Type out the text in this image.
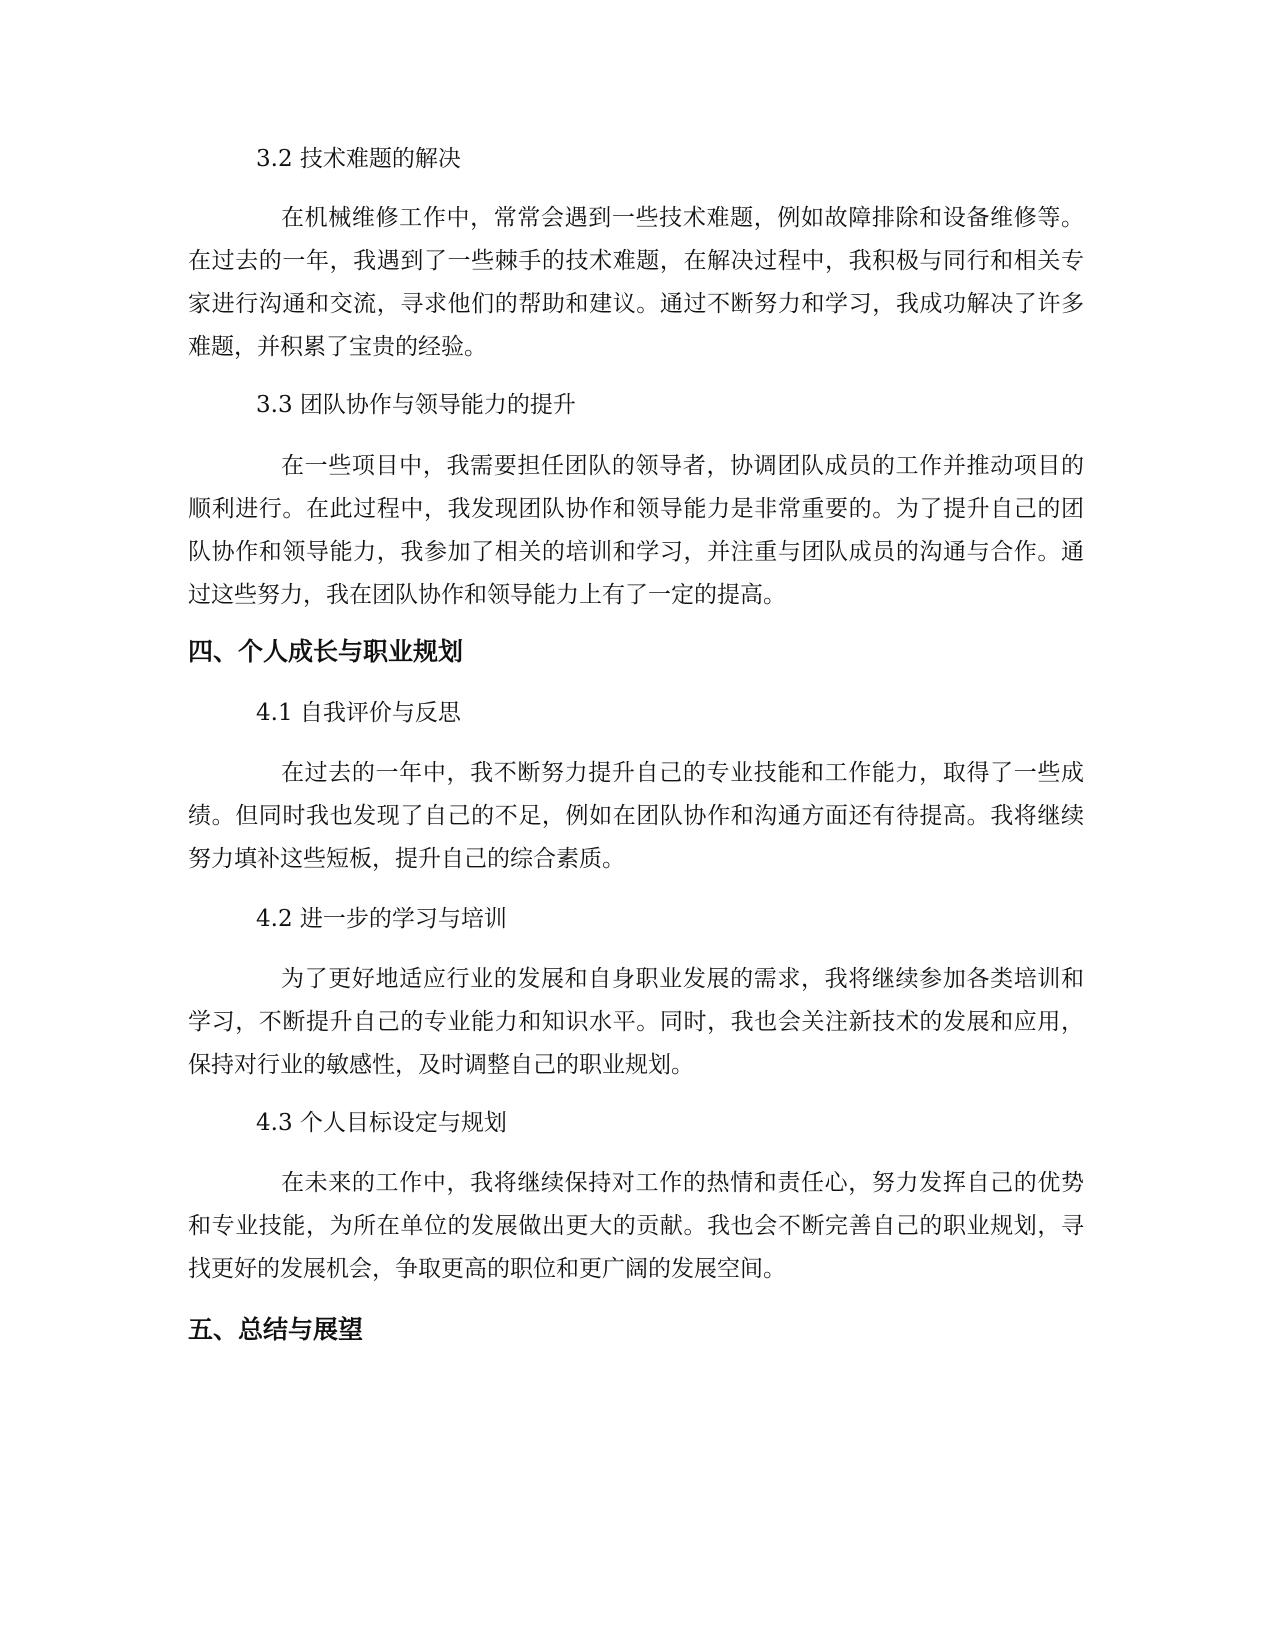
3.2 技术难题的解决

在机械维修工作中，常常会遇到一些技术难题，例如故障排除和设备维修等。在过去的一年，我遇到了一些棘手的技术难题，在解决过程中，我积极与同行和相关专家进行沟通和交流，寻求他们的帮助和建议。通过不断努力和学习，我成功解决了许多难题，并积累了宝贵的经验。

3.3 团队协作与领导能力的提升

在一些项目中，我需要担任团队的领导者，协调团队成员的工作并推动项目的顺利进行。在此过程中，我发现团队协作和领导能力是非常重要的。为了提升自己的团队协作和领导能力，我参加了相关的培训和学习，并注重与团队成员的沟通与合作。通过这些努力，我在团队协作和领导能力上有了一定的提高。

四、个人成长与职业规划

4.1 自我评价与反思

在过去的一年中，我不断努力提升自己的专业技能和工作能力，取得了一些成绩。但同时我也发现了自己的不足，例如在团队协作和沟通方面还有待提高。我将继续努力填补这些短板，提升自己的综合素质。

4.2 进一步的学习与培训

为了更好地适应行业的发展和自身职业发展的需求，我将继续参加各类培训和学习，不断提升自己的专业能力和知识水平。同时，我也会关注新技术的发展和应用，保持对行业的敏感性，及时调整自己的职业规划。

4.3 个人目标设定与规划

在未来的工作中，我将继续保持对工作的热情和责任心，努力发挥自己的优势和专业技能，为所在单位的发展做出更大的贡献。我也会不断完善自己的职业规划，寻找更好的发展机会，争取更高的职位和更广阔的发展空间。

五、总结与展望
